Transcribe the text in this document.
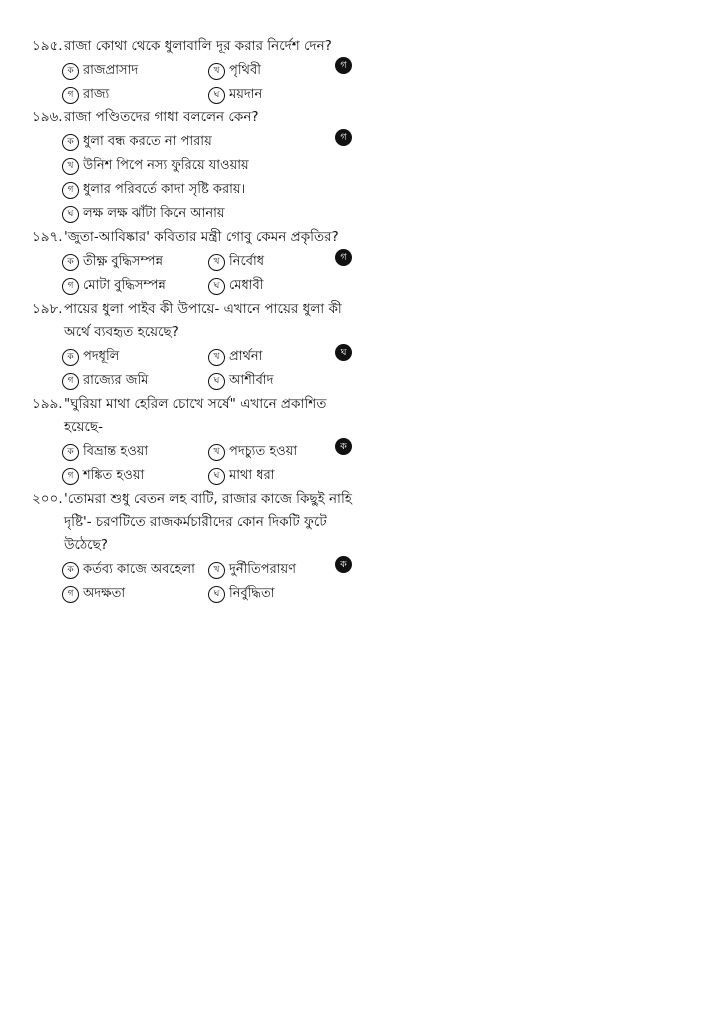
১৯৫. রাজা কোথা থেকে ধুলাবালি দূর করার নির্দেশ দেন?
ক রাজপ্রাসাদ	খ পৃথিবী
গ রাজ্য	ঘ ময়দান
গ
১৯৬. রাজা পণ্ডিতদের গাধা বললেন কেন?
ক ধুলা বন্ধ করতে না পারায়
খ উনিশ পিপে নস্য ফুরিয়ে যাওয়ায়
গ ধুলার পরিবর্তে কাদা সৃষ্টি করায়।
ঘ লক্ষ লক্ষ ঝাঁটা কিনে আনায়
গ
১৯৭. 'জুতা-আবিষ্কার' কবিতার মন্ত্রী গোবু কেমন প্রকৃতির?
ক তীক্ষ্ণ বুদ্ধিসম্পন্ন	খ নির্বোধ
গ মোটা বুদ্ধিসম্পন্ন	ঘ মেধাবী
গ
১৯৮. পায়ের ধুলা পাইব কী উপায়ে- এখানে পায়ের ধুলা কী অর্থে ব্যবহৃত হয়েছে?
ক পদধূলি	খ প্রার্থনা
গ রাজ্যের জমি	ঘ আশীর্বাদ
ঘ
১৯৯. "ঘুরিয়া মাথা হেরিল চোখে সর্ষে" এখানে প্রকাশিত হয়েছে-
ক বিভ্রান্ত হওয়া	খ পদচ্যুত হওয়া
গ শঙ্কিত হওয়া	ঘ মাথা ধরা
ক
২০০. 'তোমরা শুধু বেতন লহ বাটি, রাজার কাজে কিছুই নাহি দৃষ্টি'- চরণটিতে রাজকর্মচারীদের কোন দিকটি ফুটে উঠেছে?
ক কর্তব্য কাজে অবহেলা	খ দুর্নীতিপরায়ণ
গ অদক্ষতা	ঘ নির্বুদ্ধিতা
ক
